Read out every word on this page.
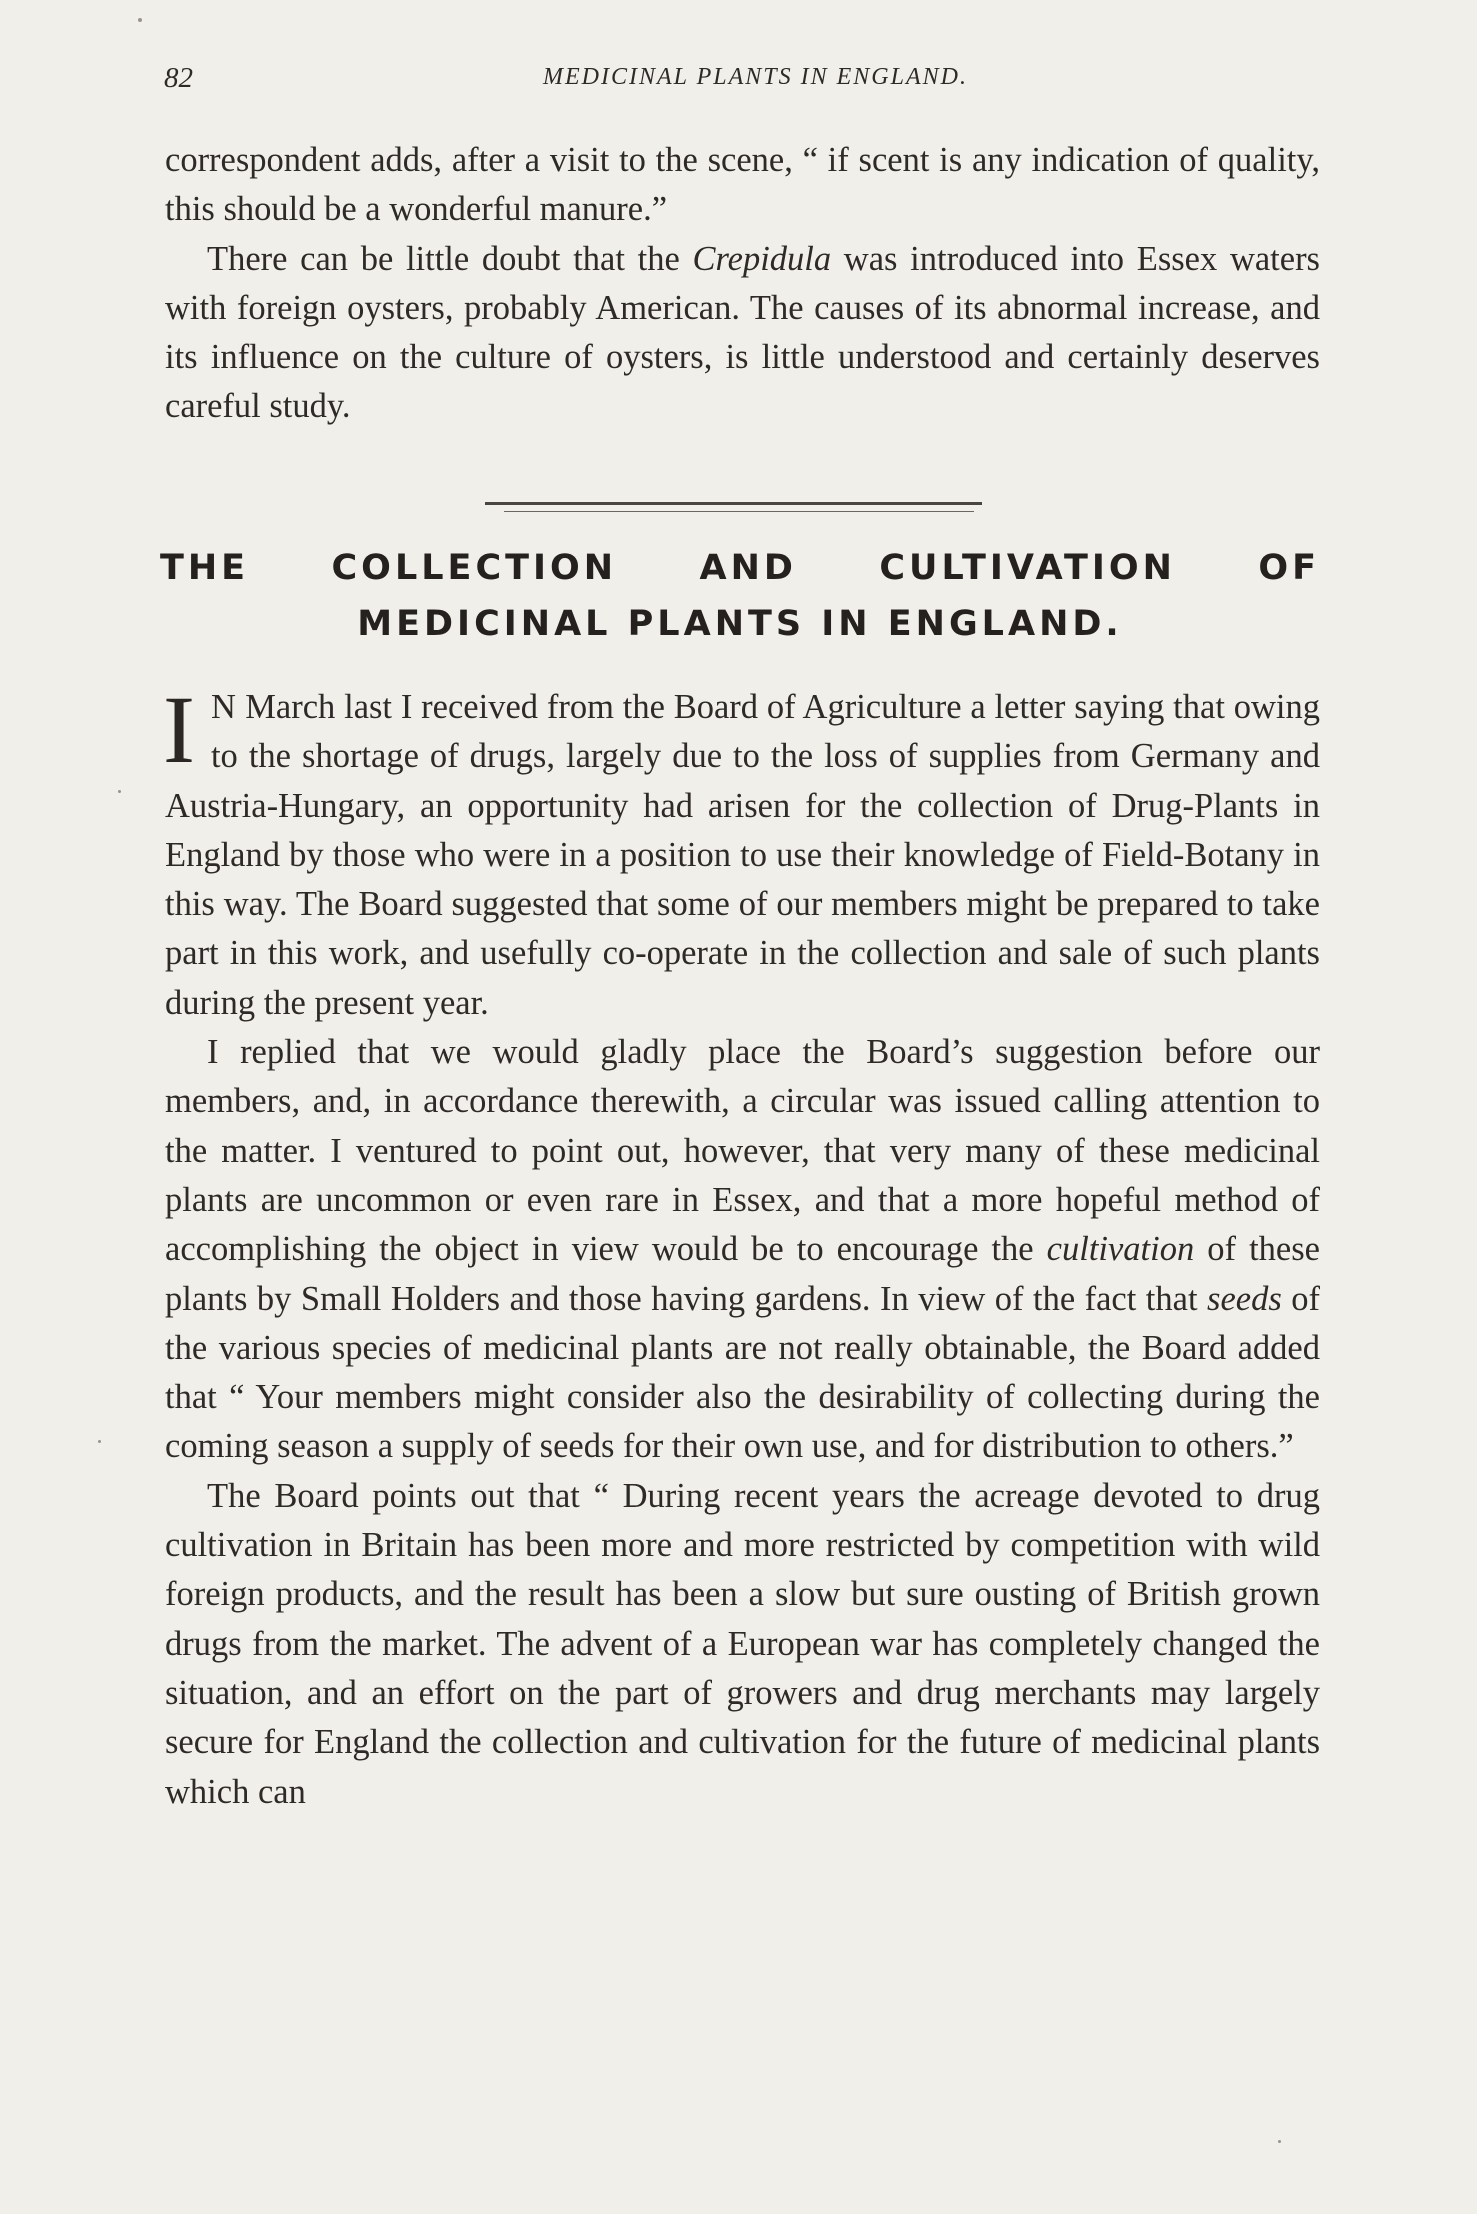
82	MEDICINAL PLANTS IN ENGLAND.

correspondent adds, after a visit to the scene, “ if scent is any indication of quality, this should be a wonderful manure.”

There can be little doubt that the Crepidula was introduced into Essex waters with foreign oysters, probably American. The causes of its abnormal increase, and its influence on the culture of oysters, is little understood and certainly deserves careful study.

THE COLLECTION AND CULTIVATION OF
MEDICINAL PLANTS IN ENGLAND.

I N March last I received from the Board of Agriculture a letter saying that owing to the shortage of drugs, largely due to the loss of supplies from Germany and Austria-Hungary, an opportunity had arisen for the collection of Drug-Plants in England by those who were in a position to use their knowledge of Field-Botany in this way. The Board suggested that some of our members might be prepared to take part in this work, and usefully co-operate in the collection and sale of such plants during the present year.

I replied that we would gladly place the Board’s suggestion before our members, and, in accordance therewith, a circular was issued calling attention to the matter. I ventured to point out, however, that very many of these medicinal plants are uncommon or even rare in Essex, and that a more hopeful method of accomplishing the object in view would be to encourage the cultivation of these plants by Small Holders and those having gardens. In view of the fact that seeds of the various species of medicinal plants are not really obtainable, the Board added that “ Your members might consider also the desirability of collecting during the coming season a supply of seeds for their own use, and for distribution to others.”

The Board points out that “ During recent years the acreage devoted to drug cultivation in Britain has been more and more restricted by competition with wild foreign products, and the result has been a slow but sure ousting of British grown drugs from the market. The advent of a European war has completely changed the situation, and an effort on the part of growers and drug merchants may largely secure for England the collection and cultivation for the future of medicinal plants which can
